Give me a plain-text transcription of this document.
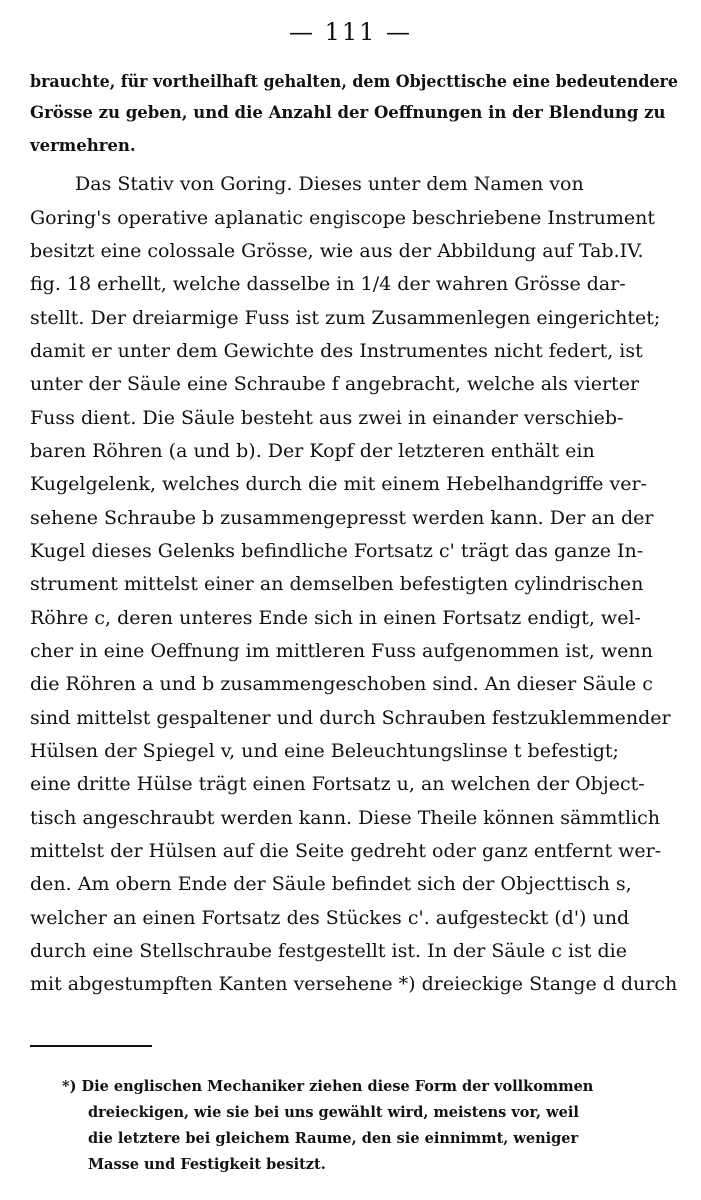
— 111 —
brauchte, für vortheilhaft gehalten, dem Objecttische eine bedeutendere
Grösse zu geben, und die Anzahl der Oeffnungen in der Blendung zu
vermehren.
Das Stativ von Goring. Dieses unter dem Namen von
Goring's operative aplanatic engiscope beschriebene Instrument
besitzt eine colossale Grösse, wie aus der Abbildung auf Tab.IV.
fig. 18 erhellt, welche dasselbe in 1/4 der wahren Grösse dar-
stellt. Der dreiarmige Fuss ist zum Zusammenlegen eingerichtet;
damit er unter dem Gewichte des Instrumentes nicht federt, ist
unter der Säule eine Schraube f angebracht, welche als vierter
Fuss dient. Die Säule besteht aus zwei in einander verschieb-
baren Röhren (a und b). Der Kopf der letzteren enthält ein
Kugelgelenk, welches durch die mit einem Hebelhandgriffe ver-
sehene Schraube b zusammengepresst werden kann. Der an der
Kugel dieses Gelenks befindliche Fortsatz c' trägt das ganze In-
strument mittelst einer an demselben befestigten cylindrischen
Röhre c, deren unteres Ende sich in einen Fortsatz endigt, wel-
cher in eine Oeffnung im mittleren Fuss aufgenommen ist, wenn
die Röhren a und b zusammengeschoben sind. An dieser Säule c
sind mittelst gespaltener und durch Schrauben festzuklemmender
Hülsen der Spiegel v, und eine Beleuchtungslinse t befestigt;
eine dritte Hülse trägt einen Fortsatz u, an welchen der Object-
tisch angeschraubt werden kann. Diese Theile können sämmtlich
mittelst der Hülsen auf die Seite gedreht oder ganz entfernt wer-
den. Am obern Ende der Säule befindet sich der Objecttisch s,
welcher an einen Fortsatz des Stückes c'. aufgesteckt (d') und
durch eine Stellschraube festgestellt ist. In der Säule c ist die
mit abgestumpften Kanten versehene *) dreieckige Stange d durch
*) Die englischen Mechaniker ziehen diese Form der vollkommen
dreieckigen, wie sie bei uns gewählt wird, meistens vor, weil
die letztere bei gleichem Raume, den sie einnimmt, weniger
Masse und Festigkeit besitzt.
